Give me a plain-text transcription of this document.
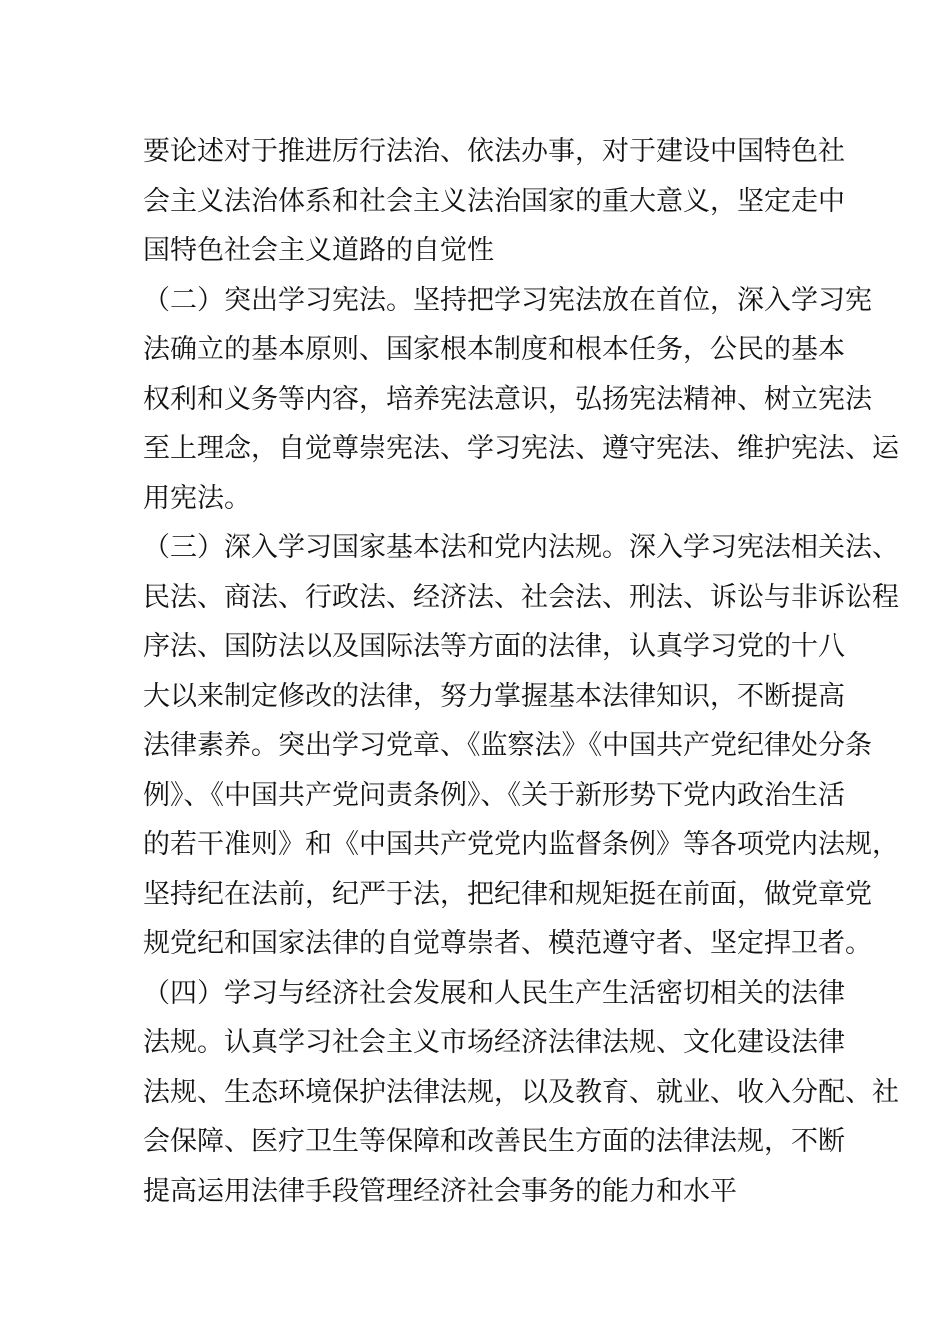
要论述对于推进厉行法治、依法办事，对于建设中国特色社
会主义法治体系和社会主义法治国家的重大意义，坚定走中
国特色社会主义道路的自觉性

（二）突出学习宪法。坚持把学习宪法放在首位，深入学习宪
法确立的基本原则、国家根本制度和根本任务，公民的基本
权利和义务等内容，培养宪法意识，弘扬宪法精神、树立宪法
至上理念，自觉尊崇宪法、学习宪法、遵守宪法、维护宪法、运
用宪法。

（三）深入学习国家基本法和党内法规。深入学习宪法相关法、
民法、商法、行政法、经济法、社会法、刑法、诉讼与非诉讼程
序法、国防法以及国际法等方面的法律，认真学习党的十八
大以来制定修改的法律，努力掌握基本法律知识，不断提高
法律素养。突出学习党章、《监察法》《中国共产党纪律处分条
例》、《中国共产党问责条例》、《关于新形势下党内政治生活
的若干准则》和《中国共产党党内监督条例》等各项党内法规，
坚持纪在法前，纪严于法，把纪律和规矩挺在前面，做党章党
规党纪和国家法律的自觉尊崇者、模范遵守者、坚定捍卫者。

（四）学习与经济社会发展和人民生产生活密切相关的法律
法规。认真学习社会主义市场经济法律法规、文化建设法律
法规、生态环境保护法律法规，以及教育、就业、收入分配、社
会保障、医疗卫生等保障和改善民生方面的法律法规，不断
提高运用法律手段管理经济社会事务的能力和水平
